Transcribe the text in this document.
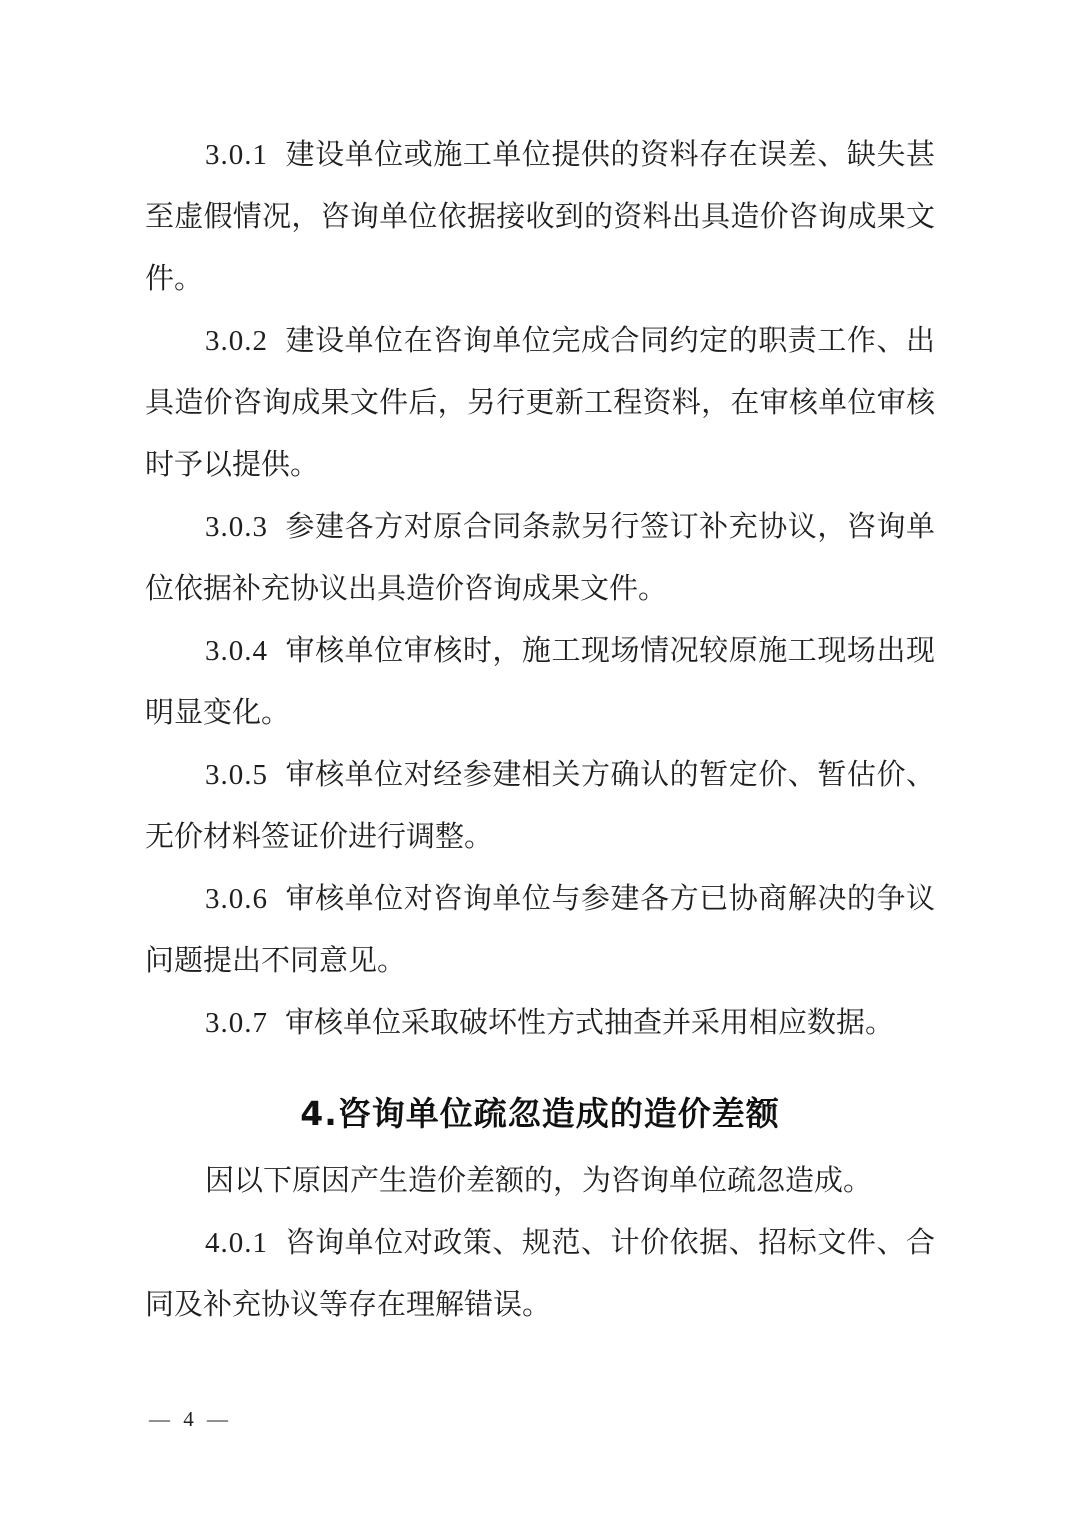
3.0.1 建设单位或施工单位提供的资料存在误差、缺失甚至虚假情况，咨询单位依据接收到的资料出具造价咨询成果文件。

3.0.2 建设单位在咨询单位完成合同约定的职责工作、出具造价咨询成果文件后，另行更新工程资料，在审核单位审核时予以提供。

3.0.3 参建各方对原合同条款另行签订补充协议，咨询单位依据补充协议出具造价咨询成果文件。

3.0.4 审核单位审核时，施工现场情况较原施工现场出现明显变化。

3.0.5 审核单位对经参建相关方确认的暂定价、暂估价、无价材料签证价进行调整。

3.0.6 审核单位对咨询单位与参建各方已协商解决的争议问题提出不同意见。

3.0.7 审核单位采取破坏性方式抽查并采用相应数据。

4.咨询单位疏忽造成的造价差额

因以下原因产生造价差额的，为咨询单位疏忽造成。

4.0.1 咨询单位对政策、规范、计价依据、招标文件、合同及补充协议等存在理解错误。

— 4 —
